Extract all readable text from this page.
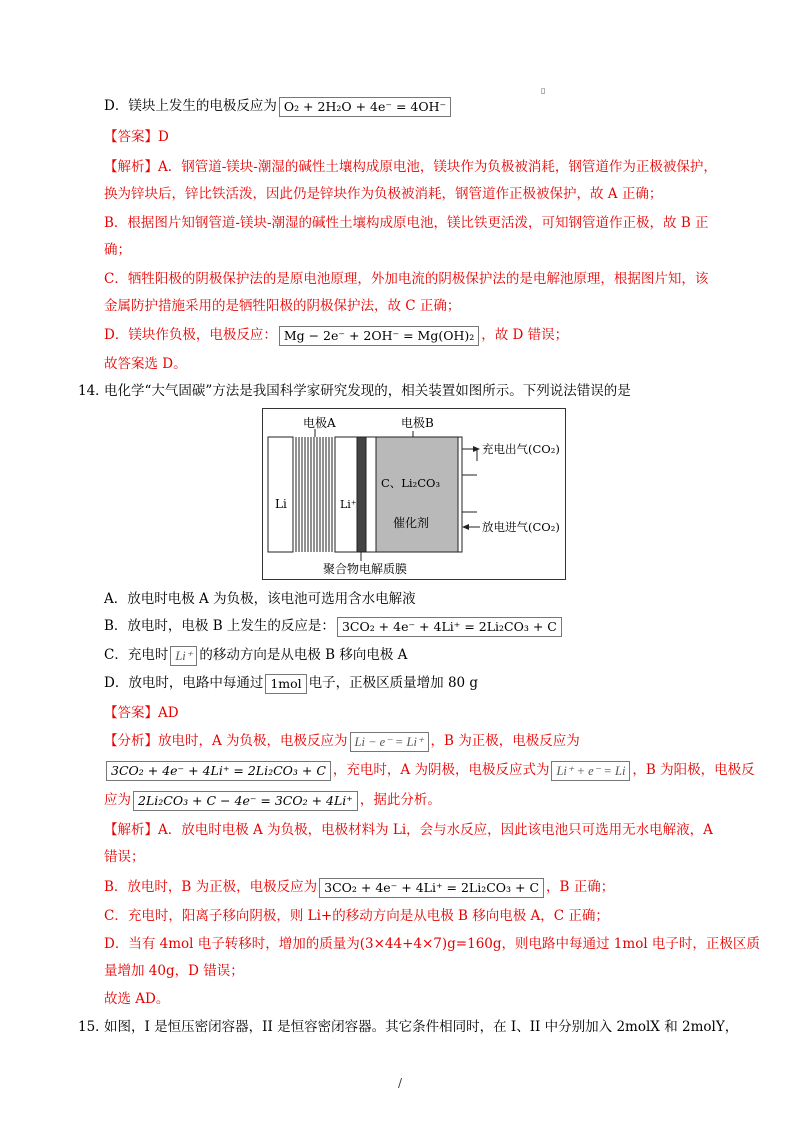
▯
D．镁块上发生的电极反应为 O₂ + 2H₂O + 4e⁻ = 4OH⁻
【答案】D
【解析】A．钢管道-镁块-潮湿的碱性土壤构成原电池，镁块作为负极被消耗，钢管道作为正极被保护，
换为锌块后，锌比铁活泼，因此仍是锌块作为负极被消耗，钢管道作正极被保护，故 A 正确；
B．根据图片知钢管道-镁块-潮湿的碱性土壤构成原电池，镁比铁更活泼，可知钢管道作正极，故 B 正
确；
C．牺牲阳极的阴极保护法的是原电池原理，外加电流的阴极保护法的是电解池原理，根据图片知，该
金属防护措施采用的是牺牲阳极的阴极保护法，故 C 正确；
D．镁块作负极，电极反应： Mg − 2e⁻ + 2OH⁻ = Mg(OH)₂ ，故 D 错误；
故答案选 D。
14．
电化学“大气固碳”方法是我国科学家研究发现的，相关装置如图所示。下列说法错误的是
电极A	电极B
Li	Li⁺
C、Li₂CO₃
催化剂
充电出气(CO₂)
放电进气(CO₂)
聚合物电解质膜
A．放电时电极 A 为负极，该电池可选用含水电解液
B．放电时，电极 B 上发生的反应是： 3CO₂ + 4e⁻ + 4Li⁺ = 2Li₂CO₃ + C
C．充电时 Li⁺ 的移动方向是从电极 B 移向电极 A
D．放电时，电路中每通过 1mol 电子，正极区质量增加 80 g
【答案】AD
【分析】放电时，A 为负极，电极反应为 Li − e⁻ = Li⁺ ，B 为正极，电极反应为
3CO₂ + 4e⁻ + 4Li⁺ = 2Li₂CO₃ + C ，充电时，A 为阴极，电极反应式为 Li⁺ + e⁻ = Li ，B 为阳极，电极反
应为 2Li₂CO₃ + C − 4e⁻ = 3CO₂ + 4Li⁺ ，据此分析。
【解析】A．放电时电极 A 为负极，电极材料为 Li，会与水反应，因此该电池只可选用无水电解液，A
错误；
B．放电时，B 为正极，电极反应为 3CO₂ + 4e⁻ + 4Li⁺ = 2Li₂CO₃ + C ，B 正确；
C．充电时，阳离子移向阴极，则 Li+的移动方向是从电极 B 移向电极 A，C 正确；
D．当有 4mol 电子转移时，增加的质量为(3×44+4×7)g=160g，则电路中每通过 1mol 电子时，正极区质
量增加 40g，D 错误；
故选 AD。
15．
如图，I 是恒压密闭容器，II 是恒容密闭容器。其它条件相同时，在 I、II 中分别加入 2molX 和 2molY，
/
